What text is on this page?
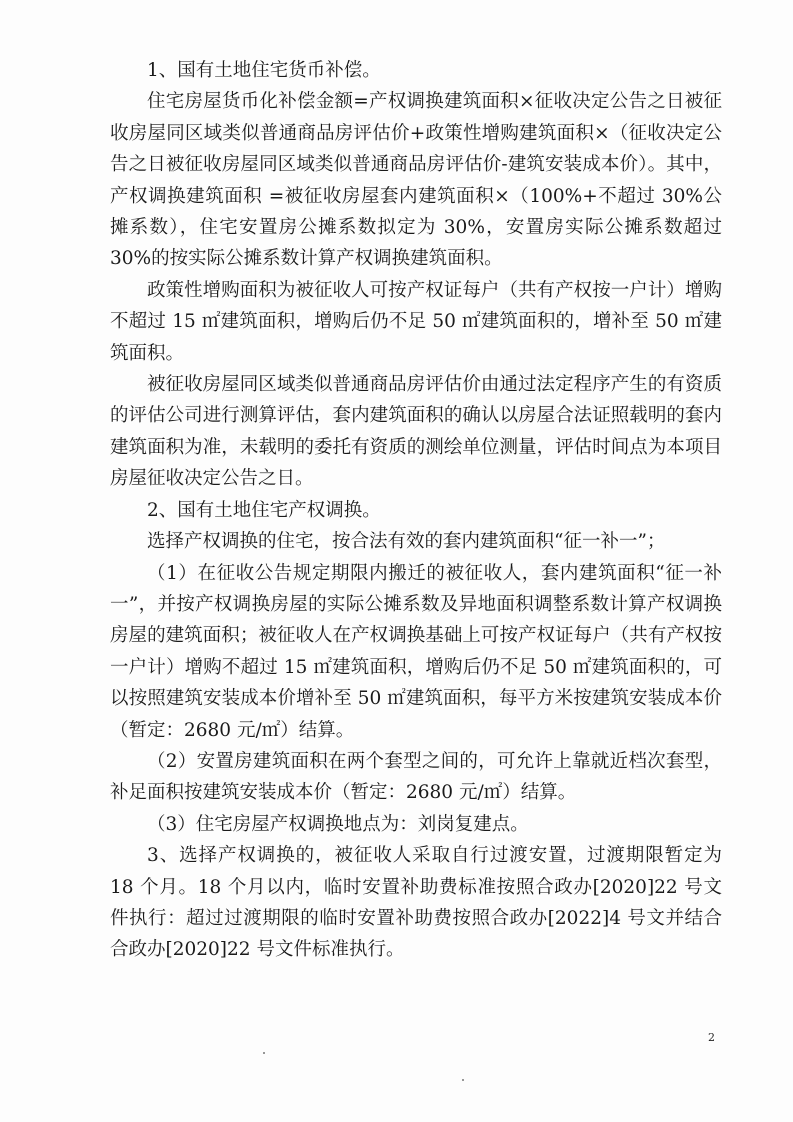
1、国有土地住宅货币补偿。

住宅房屋货币化补偿金额=产权调换建筑面积×征收决定公告之日被征收房屋同区域类似普通商品房评估价+政策性增购建筑面积×（征收决定公告之日被征收房屋同区域类似普通商品房评估价-建筑安装成本价）。其中，产权调换建筑面积 =被征收房屋套内建筑面积×（100%+不超过 30%公摊系数），住宅安置房公摊系数拟定为 30%，安置房实际公摊系数超过 30%的按实际公摊系数计算产权调换建筑面积。

政策性增购面积为被征收人可按产权证每户（共有产权按一户计）增购不超过 15 ㎡建筑面积，增购后仍不足 50 ㎡建筑面积的，增补至 50 ㎡建筑面积。

被征收房屋同区域类似普通商品房评估价由通过法定程序产生的有资质的评估公司进行测算评估，套内建筑面积的确认以房屋合法证照载明的套内建筑面积为准，未载明的委托有资质的测绘单位测量，评估时间点为本项目房屋征收决定公告之日。

2、国有土地住宅产权调换。

选择产权调换的住宅，按合法有效的套内建筑面积“征一补一”；

（1）在征收公告规定期限内搬迁的被征收人，套内建筑面积“征一补一”，并按产权调换房屋的实际公摊系数及异地面积调整系数计算产权调换房屋的建筑面积；被征收人在产权调换基础上可按产权证每户（共有产权按一户计）增购不超过 15 ㎡建筑面积，增购后仍不足 50 ㎡建筑面积的，可以按照建筑安装成本价增补至 50 ㎡建筑面积，每平方米按建筑安装成本价（暂定：2680 元/㎡）结算。

（2）安置房建筑面积在两个套型之间的，可允许上靠就近档次套型，补足面积按建筑安装成本价（暂定：2680 元/㎡）结算。

（3）住宅房屋产权调换地点为：刘岗复建点。

3、选择产权调换的，被征收人采取自行过渡安置，过渡期限暂定为 18 个月。18 个月以内，临时安置补助费标准按照合政办[2020]22 号文件执行：超过过渡期限的临时安置补助费按照合政办[2022]4 号文并结合合政办[2020]22 号文件标准执行。

2
